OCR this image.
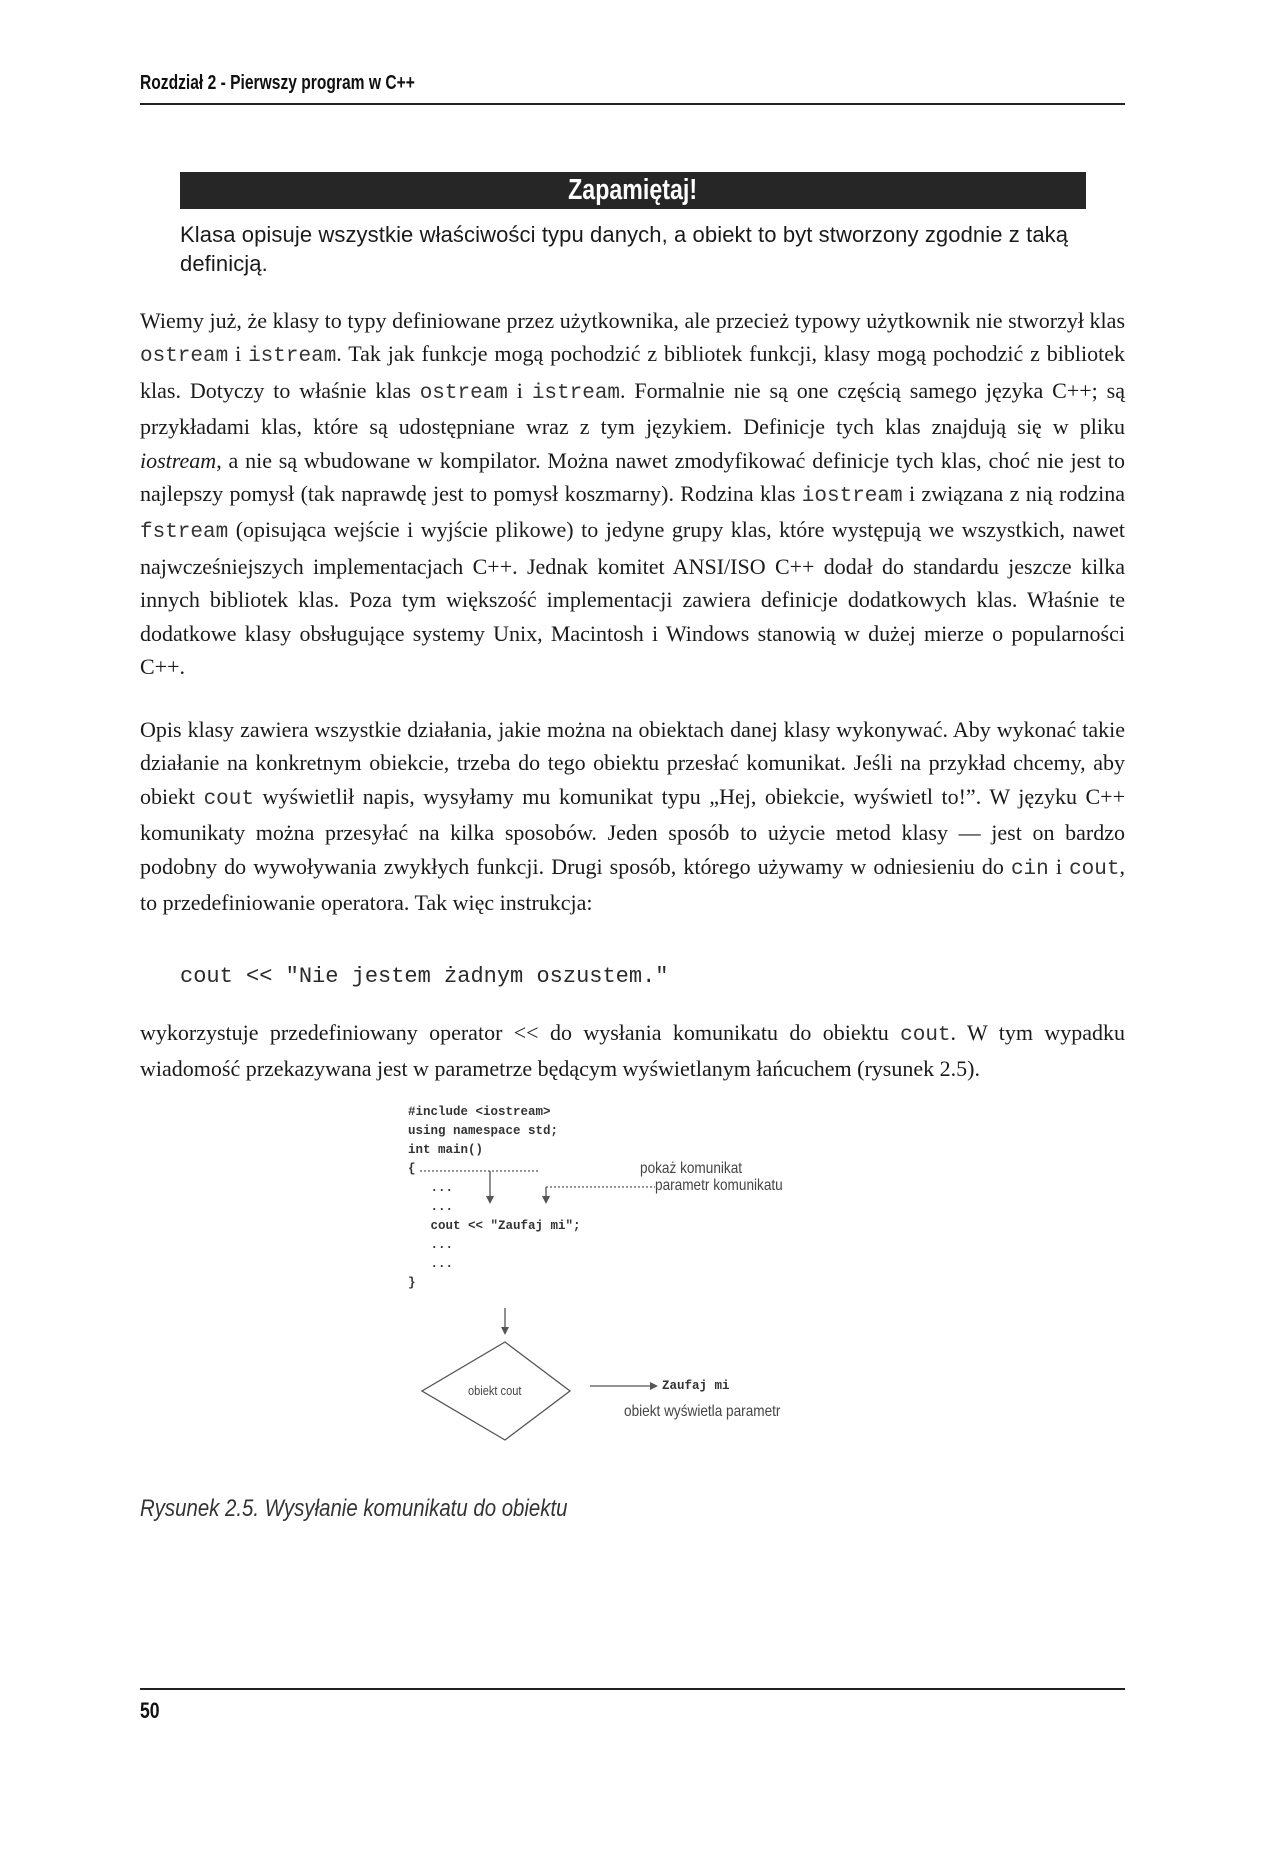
Rozdział 2 - Pierwszy program w C++
Zapamiętaj!
Klasa opisuje wszystkie właściwości typu danych, a obiekt to byt stworzony zgodnie z taką definicją.

Wiemy już, że klasy to typy definiowane przez użytkownika, ale przecież typowy użytkownik nie stworzył klas ostream i istream. Tak jak funkcje mogą pochodzić z bibliotek funkcji, klasy mogą pochodzić z bibliotek klas. Dotyczy to właśnie klas ostream i istream. Formalnie nie są one częścią samego języka C++; są przykładami klas, które są udostępniane wraz z tym językiem. Definicje tych klas znajdują się w pliku iostream, a nie są wbudowane w kompilator. Można nawet zmodyfikować definicje tych klas, choć nie jest to najlepszy pomysł (tak naprawdę jest to pomysł koszmarny). Rodzina klas iostream i związana z nią rodzina fstream (opisująca wejście i wyjście plikowe) to jedyne grupy klas, które występują we wszystkich, nawet najwcześniejszych implementacjach C++. Jednak komitet ANSI/ISO C++ dodał do standardu jeszcze kilka innych bibliotek klas. Poza tym większość implementacji zawiera definicje dodatkowych klas. Właśnie te dodatkowe klasy obsługujące systemy Unix, Macintosh i Windows stanowią w dużej mierze o popularności C++.

Opis klasy zawiera wszystkie działania, jakie można na obiektach danej klasy wykonywać. Aby wykonać takie działanie na konkretnym obiekcie, trzeba do tego obiektu przesłać komunikat. Jeśli na przykład chcemy, aby obiekt cout wyświetlił napis, wysyłamy mu komunikat typu „Hej, obiekcie, wyświetl to!”. W języku C++ komunikaty można przesyłać na kilka sposobów. Jeden sposób to użycie metod klasy — jest on bardzo podobny do wywoływania zwykłych funkcji. Drugi sposób, którego używamy w odniesieniu do cin i cout, to przedefiniowanie operatora. Tak więc instrukcja:

cout << "Nie jestem żadnym oszustem."

wykorzystuje przedefiniowany operator << do wysłania komunikatu do obiektu cout. W tym wypadku wiadomość przekazywana jest w parametrze będącym wyświetlanym łańcuchem (rysunek 2.5).

#include <iostream>
using namespace std;
int main()
{
...
...
cout << "Zaufaj mi";
...
...
}
pokaż komunikat
parametr komunikatu
obiekt cout	Zaufaj mi
obiekt wyświetla parametr
Rysunek 2.5. Wysyłanie komunikatu do obiektu
50
